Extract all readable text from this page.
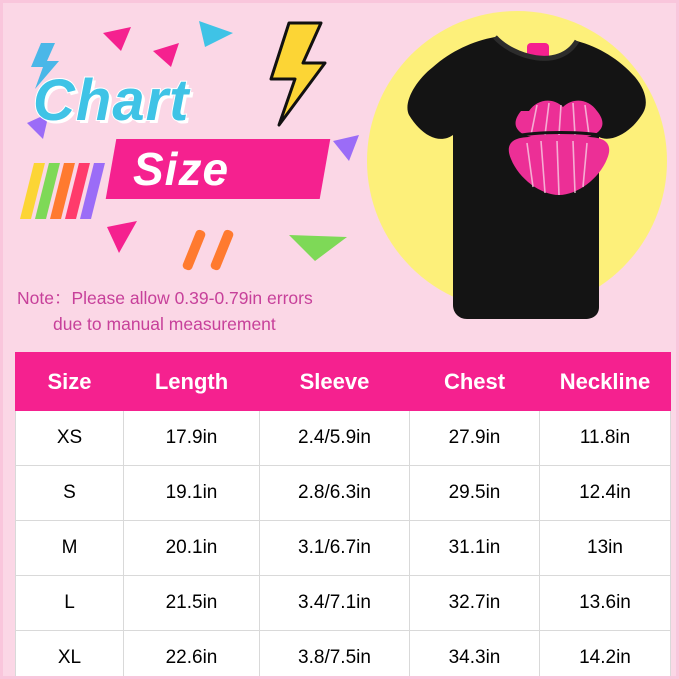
Chart
Size
Note：Please allow 0.39-0.79in errors
due to manual measurement
Size	Length	Sleeve	Chest	Neckline
XS	17.9in	2.4/5.9in	27.9in	11.8in
S	19.1in	2.8/6.3in	29.5in	12.4in
M	20.1in	3.1/6.7in	31.1in	13in
L	21.5in	3.4/7.1in	32.7in	13.6in
XL	22.6in	3.8/7.5in	34.3in	14.2in
